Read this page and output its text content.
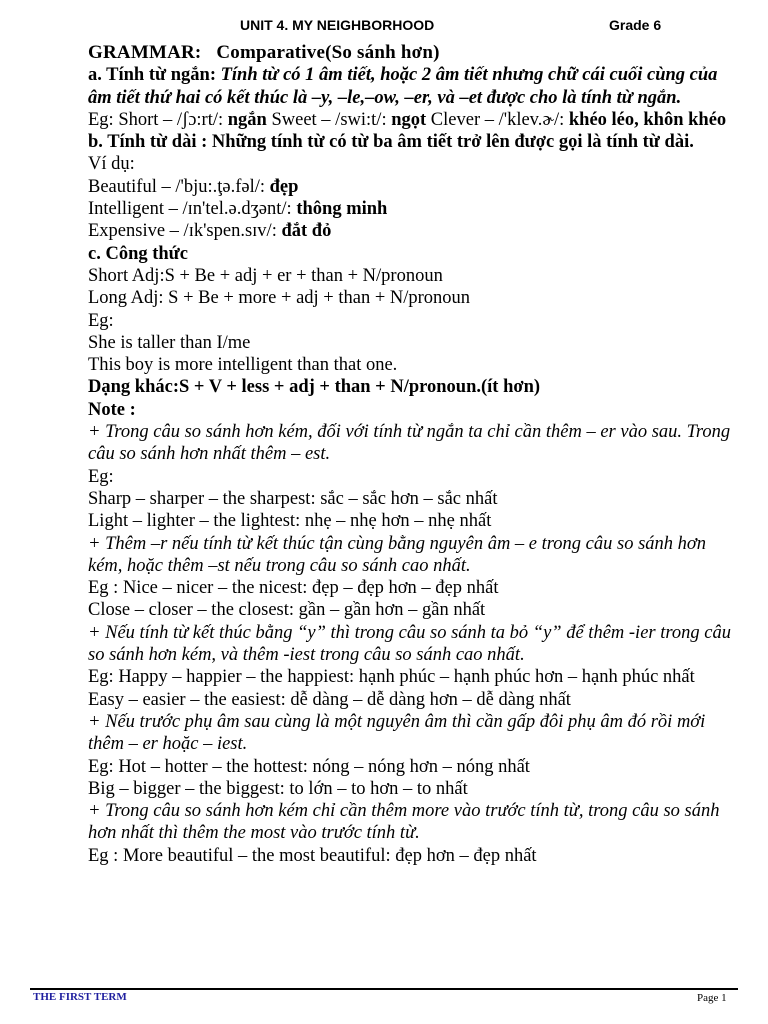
UNIT 4. MY NEIGHBORHOOD	Grade 6

GRAMMAR: Comparative(So sánh hơn)

a. Tính từ ngắn: Tính từ có 1 âm tiết, hoặc 2 âm tiết nhưng chữ cái cuối cùng của âm tiết thứ hai có kết thúc là –y, –le,–ow, –er, và –et được cho là tính từ ngắn.

Eg: Short – /ʃɔ:rt/: ngắn Sweet – /swi:t/: ngọt Clever – /'klev.ɚ/: khéo léo, khôn khéo

b. Tính từ dài : Những tính từ có từ ba âm tiết trở lên được gọi là tính từ dài.

Ví dụ:

Beautiful – /'bju:.ţə.fəl/: đẹp

Intelligent – /ɪn'tel.ə.dʒənt/: thông minh

Expensive – /ɪk'spen.sɪv/: đắt đỏ

c. Công thức

Short Adj:S + Be + adj + er + than + N/pronoun

Long Adj: S + Be + more + adj + than + N/pronoun

Eg:

She is taller than I/me

This boy is more intelligent than that one.

Dạng khác:S + V + less + adj + than + N/pronoun.(ít hơn)

Note :

+ Trong câu so sánh hơn kém, đối với tính từ ngắn ta chỉ cần thêm – er vào sau. Trong câu so sánh hơn nhất thêm – est.

Eg:

Sharp – sharper – the sharpest: sắc – sắc hơn – sắc nhất

Light – lighter – the lightest: nhẹ – nhẹ hơn – nhẹ nhất

+ Thêm –r nếu tính từ kết thúc tận cùng bằng nguyên âm – e trong câu so sánh hơn kém, hoặc thêm –st nếu trong câu so sánh cao nhất.

Eg : Nice – nicer – the nicest: đẹp – đẹp hơn – đẹp nhất

Close – closer – the closest: gần – gần hơn – gần nhất

+ Nếu tính từ kết thúc bằng “y” thì trong câu so sánh ta bỏ “y” để thêm -ier trong câu so sánh hơn kém, và thêm -iest trong câu so sánh cao nhất.

Eg: Happy – happier – the happiest: hạnh phúc – hạnh phúc hơn – hạnh phúc nhất

Easy – easier – the easiest: dễ dàng – dễ dàng hơn – dễ dàng nhất

+ Nếu trước phụ âm sau cùng là một nguyên âm thì cần gấp đôi phụ âm đó rồi mới thêm – er hoặc – iest.

Eg: Hot – hotter – the hottest: nóng – nóng hơn – nóng nhất

Big – bigger – the biggest: to lớn – to hơn – to nhất

+ Trong câu so sánh hơn kém chỉ cần thêm more vào trước tính từ, trong câu so sánh hơn nhất thì thêm the most vào trước tính từ.

Eg : More beautiful – the most beautiful: đẹp hơn – đẹp nhất

THE FIRST TERM	Page 1
